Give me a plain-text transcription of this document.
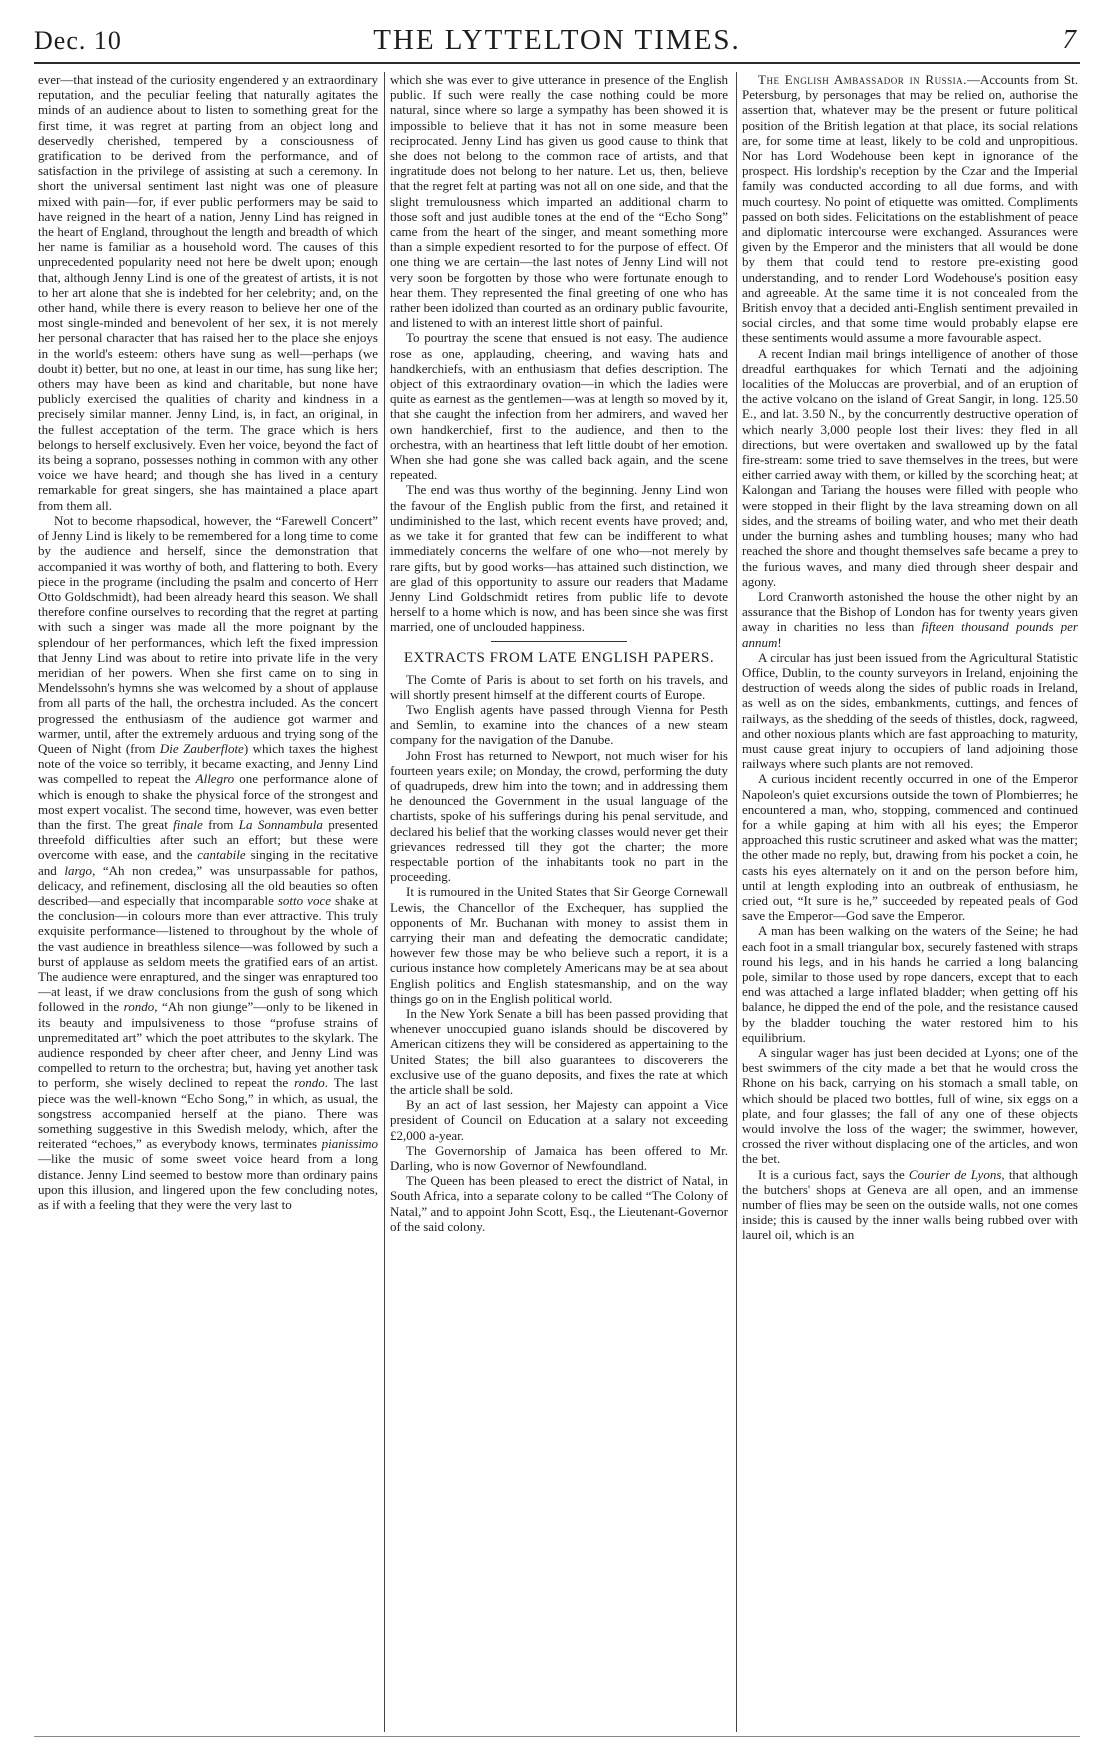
Dec. 10	THE LYTTELTON TIMES.	7

ever—that instead of the curiosity engendered y an extraordinary reputation, and the peculiar feeling that naturally agitates the minds of an audience about to listen to something great for the first time, it was regret at parting from an object long and deservedly cherished, tempered by a consciousness of gratification to be derived from the performance, and of satisfaction in the privilege of assisting at such a ceremony. In short the universal sentiment last night was one of pleasure mixed with pain—for, if ever public performers may be said to have reigned in the heart of a nation, Jenny Lind has reigned in the heart of England, throughout the length and breadth of which her name is familiar as a household word. The causes of this unprecedented popularity need not here be dwelt upon; enough that, although Jenny Lind is one of the greatest of artists, it is not to her art alone that she is indebted for her celebrity; and, on the other hand, while there is every reason to believe her one of the most single-minded and benevolent of her sex, it is not merely her personal character that has raised her to the place she enjoys in the world's esteem: others have sung as well—perhaps (we doubt it) better, but no one, at least in our time, has sung like her; others may have been as kind and charitable, but none have publicly exercised the qualities of charity and kindness in a precisely similar manner. Jenny Lind, is, in fact, an original, in the fullest acceptation of the term. The grace which is hers belongs to herself exclusively. Even her voice, beyond the fact of its being a soprano, possesses nothing in common with any other voice we have heard; and though she has lived in a century remarkable for great singers, she has maintained a place apart from them all.

Not to become rhapsodical, however, the “Farewell Concert” of Jenny Lind is likely to be remembered for a long time to come by the audience and herself, since the demonstration that accompanied it was worthy of both, and flattering to both. Every piece in the programe (including the psalm and concerto of Herr Otto Goldschmidt), had been already heard this season. We shall therefore confine ourselves to recording that the regret at parting with such a singer was made all the more poignant by the splendour of her performances, which left the fixed impression that Jenny Lind was about to retire into private life in the very meridian of her powers. When she first came on to sing in Mendelssohn's hymns she was welcomed by a shout of applause from all parts of the hall, the orchestra included. As the concert progressed the enthusiasm of the audience got warmer and warmer, until, after the extremely arduous and trying song of the Queen of Night (from Die Zauberflote) which taxes the highest note of the voice so terribly, it became exacting, and Jenny Lind was compelled to repeat the Allegro one performance alone of which is enough to shake the physical force of the strongest and most expert vocalist. The second time, however, was even better than the first. The great finale from La Sonnambula presented threefold difficulties after such an effort; but these were overcome with ease, and the cantabile singing in the recitative and largo, “Ah non credea,” was unsurpassable for pathos, delicacy, and refinement, disclosing all the old beauties so often described—and especially that incomparable sotto voce shake at the conclusion—in colours more than ever attractive. This truly exquisite performance—listened to throughout by the whole of the vast audience in breathless silence—was followed by such a burst of applause as seldom meets the gratified ears of an artist. The audience were enraptured, and the singer was enraptured too—at least, if we draw conclusions from the gush of song which followed in the rondo, “Ah non giunge”—only to be likened in its beauty and impulsiveness to those “profuse strains of unpremeditated art” which the poet attributes to the skylark. The audience responded by cheer after cheer, and Jenny Lind was compelled to return to the orchestra; but, having yet another task to perform, she wisely declined to repeat the rondo. The last piece was the well-known “Echo Song,” in which, as usual, the songstress accompanied herself at the piano. There was something suggestive in this Swedish melody, which, after the reiterated “echoes,” as everybody knows, terminates pianissimo—like the music of some sweet voice heard from a long distance. Jenny Lind seemed to bestow more than ordinary pains upon this illusion, and lingered upon the few concluding notes, as if with a feeling that they were the very last to

which she was ever to give utterance in presence of the English public. If such were really the case nothing could be more natural, since where so large a sympathy has been showed it is impossible to believe that it has not in some measure been reciprocated. Jenny Lind has given us good cause to think that she does not belong to the common race of artists, and that ingratitude does not belong to her nature. Let us, then, believe that the regret felt at parting was not all on one side, and that the slight tremulousness which imparted an additional charm to those soft and just audible tones at the end of the “Echo Song” came from the heart of the singer, and meant something more than a simple expedient resorted to for the purpose of effect. Of one thing we are certain—the last notes of Jenny Lind will not very soon be forgotten by those who were fortunate enough to hear them. They represented the final greeting of one who has rather been idolized than courted as an ordinary public favourite, and listened to with an interest little short of painful.

To pourtray the scene that ensued is not easy. The audience rose as one, applauding, cheering, and waving hats and handkerchiefs, with an enthusiasm that defies description. The object of this extraordinary ovation—in which the ladies were quite as earnest as the gentlemen—was at length so moved by it, that she caught the infection from her admirers, and waved her own handkerchief, first to the audience, and then to the orchestra, with an heartiness that left little doubt of her emotion. When she had gone she was called back again, and the scene repeated.

The end was thus worthy of the beginning. Jenny Lind won the favour of the English public from the first, and retained it undiminished to the last, which recent events have proved; and, as we take it for granted that few can be indifferent to what immediately concerns the welfare of one who—not merely by rare gifts, but by good works—has attained such distinction, we are glad of this opportunity to assure our readers that Madame Jenny Lind Goldschmidt retires from public life to devote herself to a home which is now, and has been since she was first married, one of unclouded happiness.

EXTRACTS FROM LATE ENGLISH PAPERS.

The Comte of Paris is about to set forth on his travels, and will shortly present himself at the different courts of Europe.

Two English agents have passed through Vienna for Pesth and Semlin, to examine into the chances of a new steam company for the navigation of the Danube.

John Frost has returned to Newport, not much wiser for his fourteen years exile; on Monday, the crowd, performing the duty of quadrupeds, drew him into the town; and in addressing them he denounced the Government in the usual language of the chartists, spoke of his sufferings during his penal servitude, and declared his belief that the working classes would never get their grievances redressed till they got the charter; the more respectable portion of the inhabitants took no part in the proceeding.

It is rumoured in the United States that Sir George Cornewall Lewis, the Chancellor of the Exchequer, has supplied the opponents of Mr. Buchanan with money to assist them in carrying their man and defeating the democratic candidate; however few those may be who believe such a report, it is a curious instance how completely Americans may be at sea about English politics and English statesmanship, and on the way things go on in the English political world.

In the New York Senate a bill has been passed providing that whenever unoccupied guano islands should be discovered by American citizens they will be considered as appertaining to the United States; the bill also guarantees to discoverers the exclusive use of the guano deposits, and fixes the rate at which the article shall be sold.

By an act of last session, her Majesty can appoint a Vice president of Council on Education at a salary not exceeding £2,000 a-year.

The Governorship of Jamaica has been offered to Mr. Darling, who is now Governor of Newfoundland.

The Queen has been pleased to erect the district of Natal, in South Africa, into a separate colony to be called “The Colony of Natal,” and to appoint John Scott, Esq., the Lieutenant-Governor of the said colony.

The English Ambassador in Russia.—Accounts from St. Petersburg, by personages that may be relied on, authorise the assertion that, whatever may be the present or future political position of the British legation at that place, its social relations are, for some time at least, likely to be cold and unpropitious. Nor has Lord Wodehouse been kept in ignorance of the prospect. His lordship's reception by the Czar and the Imperial family was conducted according to all due forms, and with much courtesy. No point of etiquette was omitted. Compliments passed on both sides. Felicitations on the establishment of peace and diplomatic intercourse were exchanged. Assurances were given by the Emperor and the ministers that all would be done by them that could tend to restore pre-existing good understanding, and to render Lord Wodehouse's position easy and agreeable. At the same time it is not concealed from the British envoy that a decided anti-English sentiment prevailed in social circles, and that some time would probably elapse ere these sentiments would assume a more favourable aspect.

A recent Indian mail brings intelligence of another of those dreadful earthquakes for which Ternati and the adjoining localities of the Moluccas are proverbial, and of an eruption of the active volcano on the island of Great Sangir, in long. 125.50 E., and lat. 3.50 N., by the concurrently destructive operation of which nearly 3,000 people lost their lives: they fled in all directions, but were overtaken and swallowed up by the fatal fire-stream: some tried to save themselves in the trees, but were either carried away with them, or killed by the scorching heat; at Kalongan and Tariang the houses were filled with people who were stopped in their flight by the lava streaming down on all sides, and the streams of boiling water, and who met their death under the burning ashes and tumbling houses; many who had reached the shore and thought themselves safe became a prey to the furious waves, and many died through sheer despair and agony.

Lord Cranworth astonished the house the other night by an assurance that the Bishop of London has for twenty years given away in charities no less than fifteen thousand pounds per annum!

A circular has just been issued from the Agricultural Statistic Office, Dublin, to the county surveyors in Ireland, enjoining the destruction of weeds along the sides of public roads in Ireland, as well as on the sides, embankments, cuttings, and fences of railways, as the shedding of the seeds of thistles, dock, ragweed, and other noxious plants which are fast approaching to maturity, must cause great injury to occupiers of land adjoining those railways where such plants are not removed.

A curious incident recently occurred in one of the Emperor Napoleon's quiet excursions outside the town of Plombierres; he encountered a man, who, stopping, commenced and continued for a while gaping at him with all his eyes; the Emperor approached this rustic scrutineer and asked what was the matter; the other made no reply, but, drawing from his pocket a coin, he casts his eyes alternately on it and on the person before him, until at length exploding into an outbreak of enthusiasm, he cried out, “It sure is he,” succeeded by repeated peals of God save the Emperor—God save the Emperor.

A man has been walking on the waters of the Seine; he had each foot in a small triangular box, securely fastened with straps round his legs, and in his hands he carried a long balancing pole, similar to those used by rope dancers, except that to each end was attached a large inflated bladder; when getting off his balance, he dipped the end of the pole, and the resistance caused by the bladder touching the water restored him to his equilibrium.

A singular wager has just been decided at Lyons; one of the best swimmers of the city made a bet that he would cross the Rhone on his back, carrying on his stomach a small table, on which should be placed two bottles, full of wine, six eggs on a plate, and four glasses; the fall of any one of these objects would involve the loss of the wager; the swimmer, however, crossed the river without displacing one of the articles, and won the bet.

It is a curious fact, says the Courier de Lyons, that although the butchers' shops at Geneva are all open, and an immense number of flies may be seen on the outside walls, not one comes inside; this is caused by the inner walls being rubbed over with laurel oil, which is an
